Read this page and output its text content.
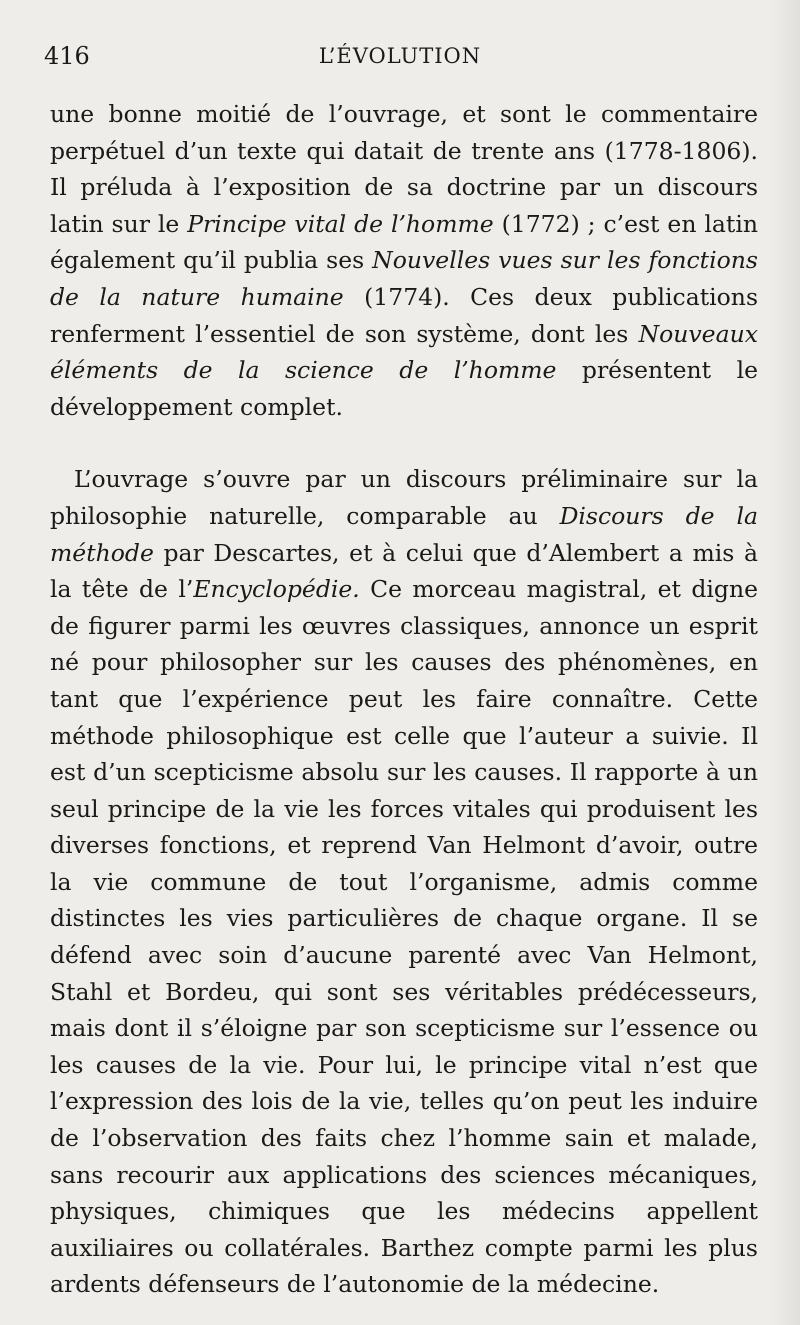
416	L’ÉVOLUTION

une bonne moitié de l’ouvrage, et sont le commentaire perpétuel d’un texte qui datait de trente ans (1778-1806). Il préluda à l’exposition de sa doctrine par un discours latin sur le Principe vital de l’homme (1772) ; c’est en latin également qu’il publia ses Nouvelles vues sur les fonctions de la nature humaine (1774). Ces deux publications renferment l’essentiel de son système, dont les Nouveaux éléments de la science de l’homme présentent le développement complet.

L’ouvrage s’ouvre par un discours préliminaire sur la philosophie naturelle, comparable au Discours de la méthode par Descartes, et à celui que d’Alembert a mis à la tête de l’Encyclopédie. Ce morceau magistral, et digne de figurer parmi les œuvres classiques, annonce un esprit né pour philosopher sur les causes des phénomènes, en tant que l’expérience peut les faire connaître. Cette méthode philosophique est celle que l’auteur a suivie. Il est d’un scepticisme absolu sur les causes. Il rapporte à un seul principe de la vie les forces vitales qui produisent les diverses fonctions, et reprend Van Helmont d’avoir, outre la vie commune de tout l’organisme, admis comme distinctes les vies particulières de chaque organe. Il se défend avec soin d’aucune parenté avec Van Helmont, Stahl et Bordeu, qui sont ses véritables prédécesseurs, mais dont il s’éloigne par son scepticisme sur l’essence ou les causes de la vie. Pour lui, le principe vital n’est que l’expression des lois de la vie, telles qu’on peut les induire de l’observation des faits chez l’homme sain et malade, sans recourir aux applications des sciences mécaniques, physiques, chimiques que les médecins appellent auxiliaires ou collatérales. Barthez compte parmi les plus ardents défenseurs de l’autonomie de la médecine.
